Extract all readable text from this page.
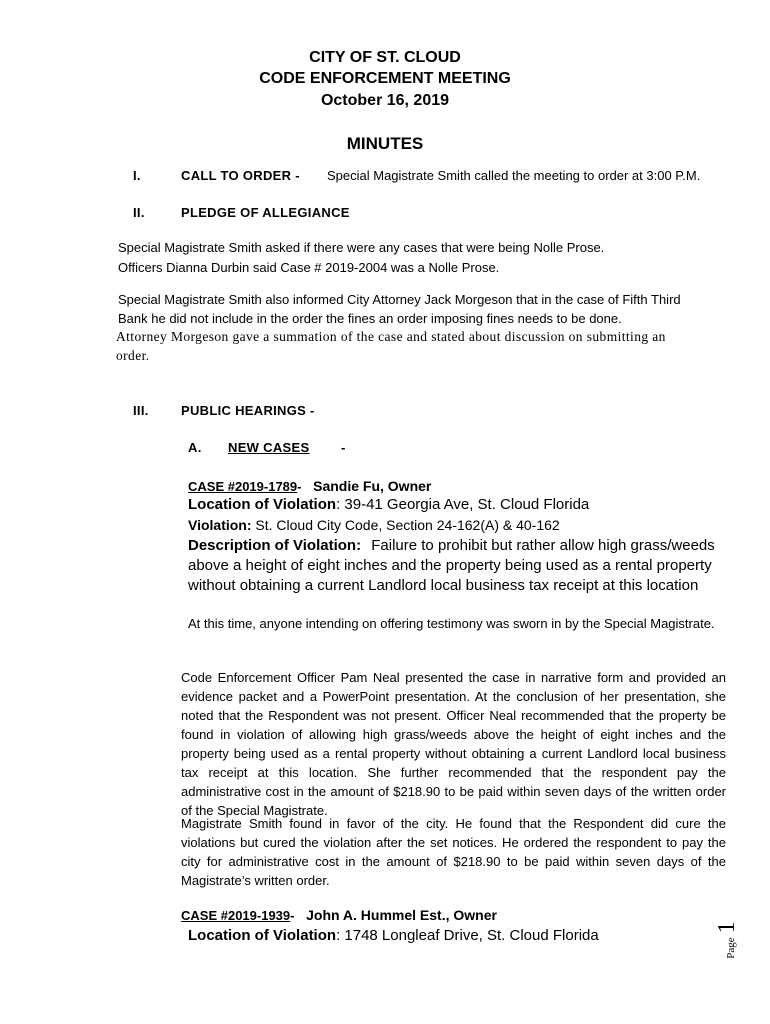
CITY OF ST. CLOUD
CODE ENFORCEMENT MEETING
October 16, 2019
MINUTES
I.	CALL TO ORDER - Special Magistrate Smith called the meeting to order at 3:00 P.M.
II.	PLEDGE OF ALLEGIANCE
Special Magistrate Smith asked if there were any cases that were being Nolle Prose.
Officers Dianna Durbin said Case # 2019-2004 was a Nolle Prose.
Special Magistrate Smith also informed City Attorney Jack Morgeson that in the case of Fifth Third
Bank he did not include in the order the fines an order imposing fines needs to be done.
Attorney Morgeson gave a summation of the case and stated about discussion on submitting an
order.
III. PUBLIC HEARINGS -
A. NEW CASES	-
CASE #2019-1789- Sandie Fu, Owner
Location of Violation: 39-41 Georgia Ave, St. Cloud Florida
Violation: St. Cloud City Code, Section 24-162(A) & 40-162
Description of Violation: Failure to prohibit but rather allow high grass/weeds
above a height of eight inches and the property being used as a rental property
without obtaining a current Landlord local business tax receipt at this location
At this time, anyone intending on offering testimony was sworn in by the Special Magistrate.
Code Enforcement Officer Pam Neal presented the case in narrative form and provided an evidence packet and a PowerPoint presentation. At the conclusion of her presentation, she noted that the Respondent was not present. Officer Neal recommended that the property be found in violation of allowing high grass/weeds above the height of eight inches and the property being used as a rental property without obtaining a current Landlord local business tax receipt at this location. She further recommended that the respondent pay the administrative cost in the amount of $218.90 to be paid within seven days of the written order of the Special Magistrate.
Magistrate Smith found in favor of the city. He found that the Respondent did cure the violations but cured the violation after the set notices. He ordered the respondent to pay the city for administrative cost in the amount of $218.90 to be paid within seven days of the Magistrate’s written order.
CASE #2019-1939- John A. Hummel Est., Owner
Location of Violation: 1748 Longleaf Drive, St. Cloud Florida
Page
1
